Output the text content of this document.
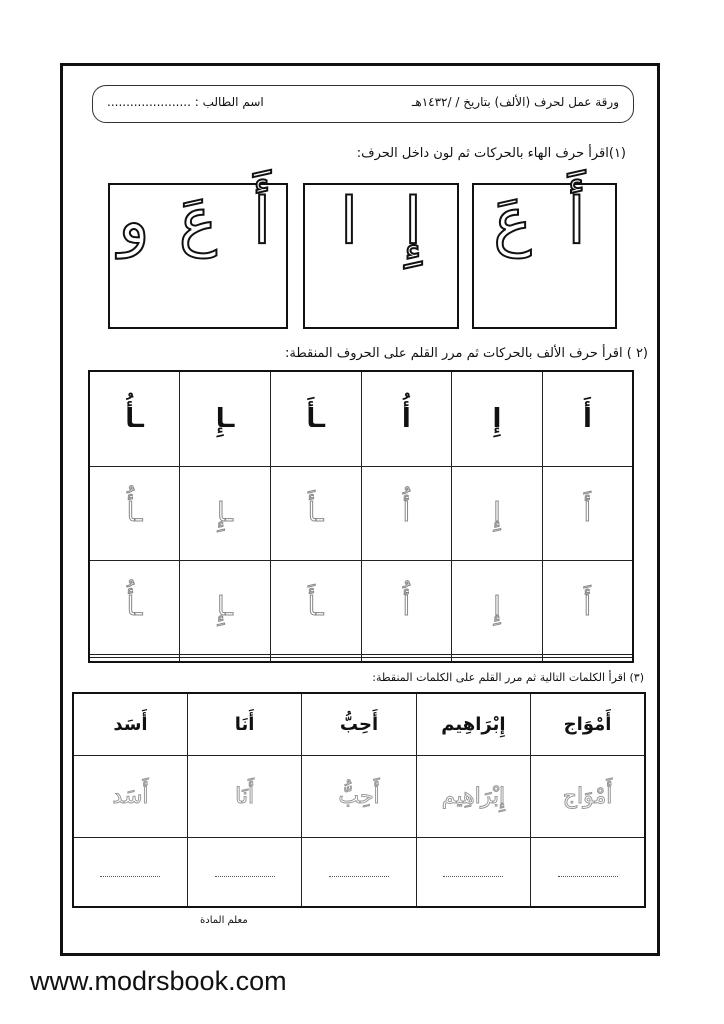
ورقة عمل لحرف (الألف) بتاريخ / /١٤٣٢هـ
اسم الطالب : ......................
(١)اقرأ حرف الهاء بالحركات ثم لون داخل الحرف:
أَ عَ
إِ ا
أَ عَ و
(٢ ) اقرأ حرف الألف بالحركات ثم مرر القلم على الحروف المنقطة:
أَ	إِ	أُ	ـأَ	ـإِ	ـأُ
أَ	إِ	أُ	ـأَ	ـإِ	ـأُ
أَ	إِ	أُ	ـأَ	ـإِ	ـأُ

(٣) اقرأ الكلمات التالية ثم مرر القلم على الكلمات المنقطة:
أَمْوَاج	إِبْرَاهِيم	أَحِبُّ	أَنَا	أَسَد
أَمْوَاج	إِبْرَاهِيم	أَحِبُّ	أَنَا	أَسَد

معلم المادة
www.modrsbook.com
